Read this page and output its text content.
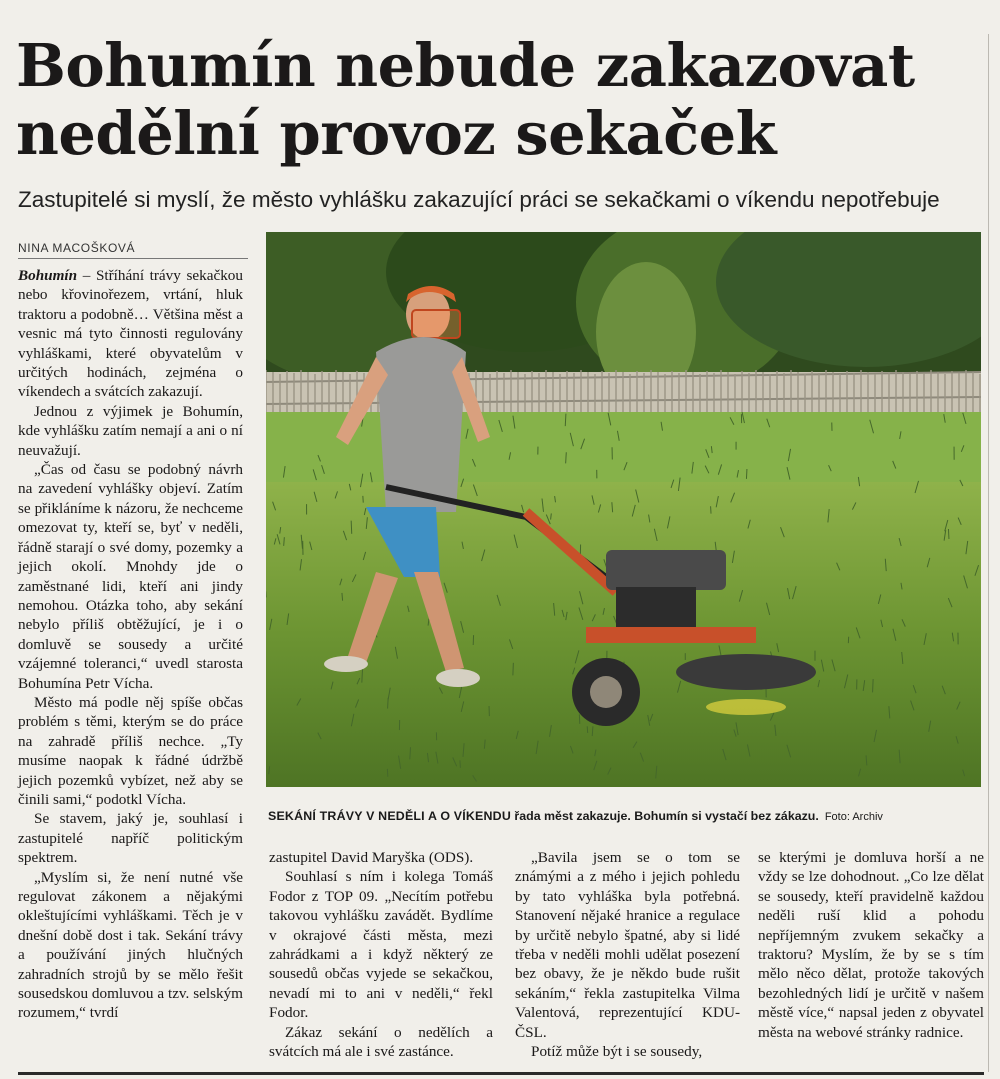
Bohumín nebude zakazovat
nedělní provoz sekaček

Zastupitelé si myslí, že město vyhlášku zakazující práci se sekačkami o víkendu nepotřebuje

NINA MACOŠKOVÁ

Bohumín – Stříhání trávy sekačkou nebo křovinořezem, vrtání, hluk traktoru a podobně… Většina měst a vesnic má tyto činnosti regulovány vyhláškami, které obyvatelům v určitých hodinách, zejména o víkendech a svátcích zakazují.

Jednou z výjimek je Bohumín, kde vyhlášku zatím nemají a ani o ní neuvažují.

„Čas od času se podobný návrh na zavedení vyhlášky objeví. Zatím se přikláníme k názoru, že nechceme omezovat ty, kteří se, byť v neděli, řádně starají o své domy, pozemky a jejich okolí. Mnohdy jde o zaměstnané lidi, kteří ani jindy nemohou. Otázka toho, aby sekání nebylo příliš obtěžující, je i o domluvě se sousedy a určité vzájemné toleranci,“ uvedl starosta Bohumína Petr Vícha.

Město má podle něj spíše občas problém s těmi, kterým se do práce na zahradě příliš nechce. „Ty musíme naopak k řádné údržbě jejich pozemků vybízet, než aby se činili sami,“ podotkl Vícha.

Se stavem, jaký je, souhlasí i zastupitelé napříč politickým spektrem.

„Myslím si, že není nutné vše regulovat zákonem a nějakými okleštujícími vyhláškami. Těch je v dnešní době dost i tak. Sekání trávy a používání jiných hlučných zahradních strojů by se mělo řešit sousedskou domluvou a tzv. selským rozumem,“ tvrdí

SEKÁNÍ TRÁVY V NEDĚLI A O VÍKENDU řada měst zakazuje. Bohumín si vystačí bez zákazu. Foto: Archiv

zastupitel David Maryška (ODS).

Souhlasí s ním i kolega Tomáš Fodor z TOP 09. „Necítím potřebu takovou vyhlášku zavádět. Bydlíme v okrajové části města, mezi zahrádkami a i když některý ze sousedů občas vyjede se sekačkou, nevadí mi to ani v neděli,“ řekl Fodor.

Zákaz sekání o nedělích a svátcích má ale i své zastánce.

„Bavila jsem se o tom se známými a z mého i jejich pohledu by tato vyhláška byla potřebná. Stanovení nějaké hranice a regulace by určitě nebylo špatné, aby si lidé třeba v neděli mohli udělat posezení bez obavy, že je někdo bude rušit sekáním,“ řekla zastupitelka Vilma Valentová, reprezentující KDU-ČSL.

Potíž může být i se sousedy,

se kterými je domluva horší a ne vždy se lze dohodnout. „Co lze dělat se sousedy, kteří pravidelně každou neděli ruší klid a pohodu nepříjemným zvukem sekačky a traktoru? Myslím, že by se s tím mělo něco dělat, protože takových bezohledných lidí je určitě v našem městě více,“ napsal jeden z obyvatel města na webové stránky radnice.
